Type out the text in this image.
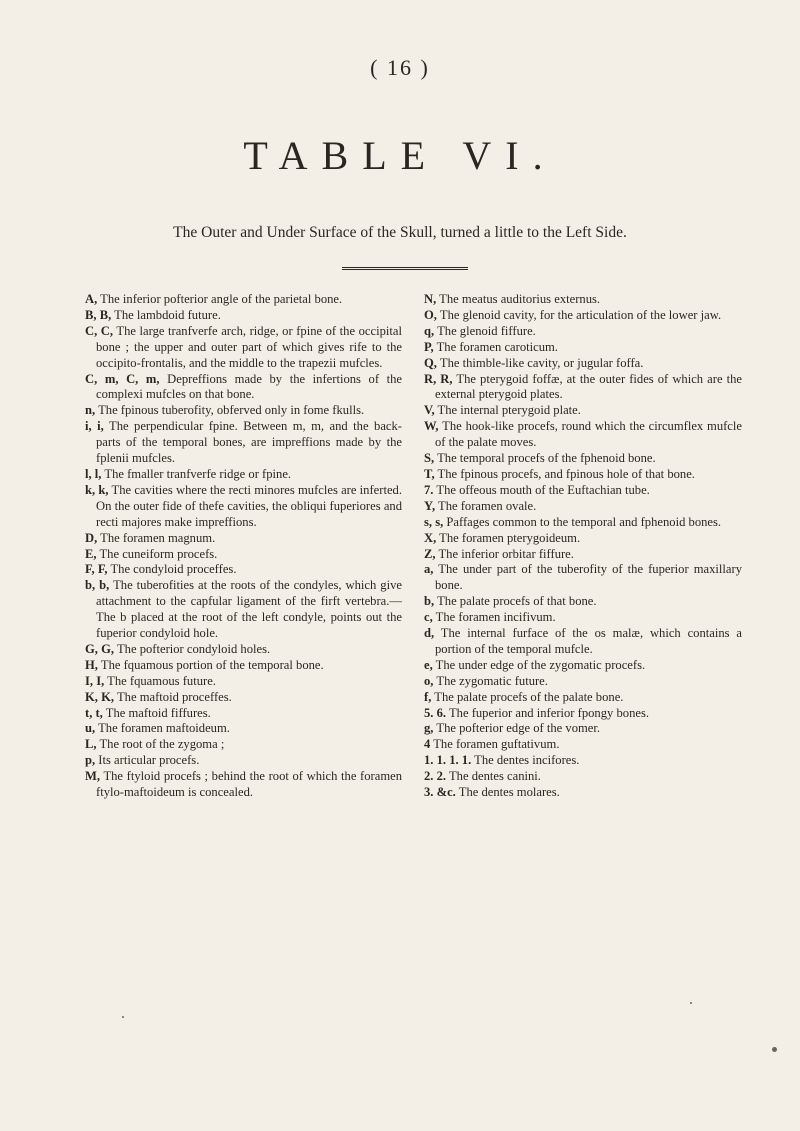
( 16 )
TABLE VI.
The Outer and Under Surface of the Skull, turned a little to the Left Side.
A, The inferior pofterior angle of the parietal bone.
B, B, The lambdoid future.
C, C, The large tranfverfe arch, ridge, or fpine of the occipital bone ; the upper and outer part of which gives rife to the occipito-frontalis, and the middle to the trapezii mufcles.
C, m, C, m, Depreffions made by the infertions of the complexi mufcles on that bone.
n, The fpinous tuberofity, obferved only in fome fkulls.
i, i, The perpendicular fpine. Between m, m, and the back-parts of the temporal bones, are impreffions made by the fplenii mufcles.
l, l, The fmaller tranfverfe ridge or fpine.
k, k, The cavities where the recti minores mufcles are inferted. On the outer fide of thefe cavities, the obliqui fuperiores and recti majores make impreffions.
D, The foramen magnum.
E, The cuneiform procefs.
F, F, The condyloid proceffes.
b, b, The tuberofities at the roots of the condyles, which give attachment to the capfular ligament of the firft vertebra.—The b placed at the root of the left condyle, points out the fuperior condyloid hole.
G, G, The pofterior condyloid holes.
H, The fquamous portion of the temporal bone.
I, I, The fquamous future.
K, K, The maftoid proceffes.
t, t, The maftoid fiffures.
u, The foramen maftoideum.
L, The root of the zygoma ;
p, Its articular procefs.
M, The ftyloid procefs ; behind the root of which the foramen ftylo-maftoideum is concealed.
N, The meatus auditorius externus.
O, The glenoid cavity, for the articulation of the lower jaw.
q, The glenoid fiffure.
P, The foramen caroticum.
Q, The thimble-like cavity, or jugular foffa.
R, R, The pterygoid foffæ, at the outer fides of which are the external pterygoid plates.
V, The internal pterygoid plate.
W, The hook-like procefs, round which the circumflex mufcle of the palate moves.
S, The temporal procefs of the fphenoid bone.
T, The fpinous procefs, and fpinous hole of that bone.
7. The offeous mouth of the Euftachian tube.
Y, The foramen ovale.
s, s, Paffages common to the temporal and fphenoid bones.
X, The foramen pterygoideum.
Z, The inferior orbitar fiffure.
a, The under part of the tuberofity of the fuperior maxillary bone.
b, The palate procefs of that bone.
c, The foramen incifivum.
d, The internal furface of the os malæ, which contains a portion of the temporal mufcle.
e, The under edge of the zygomatic procefs.
o, The zygomatic future.
f, The palate procefs of the palate bone.
5. 6. The fuperior and inferior fpongy bones.
g, The pofterior edge of the vomer.
4 The foramen guftativum.
1. 1. 1. 1. The dentes incifores.
2. 2. The dentes canini.
3. &c. The dentes molares.
